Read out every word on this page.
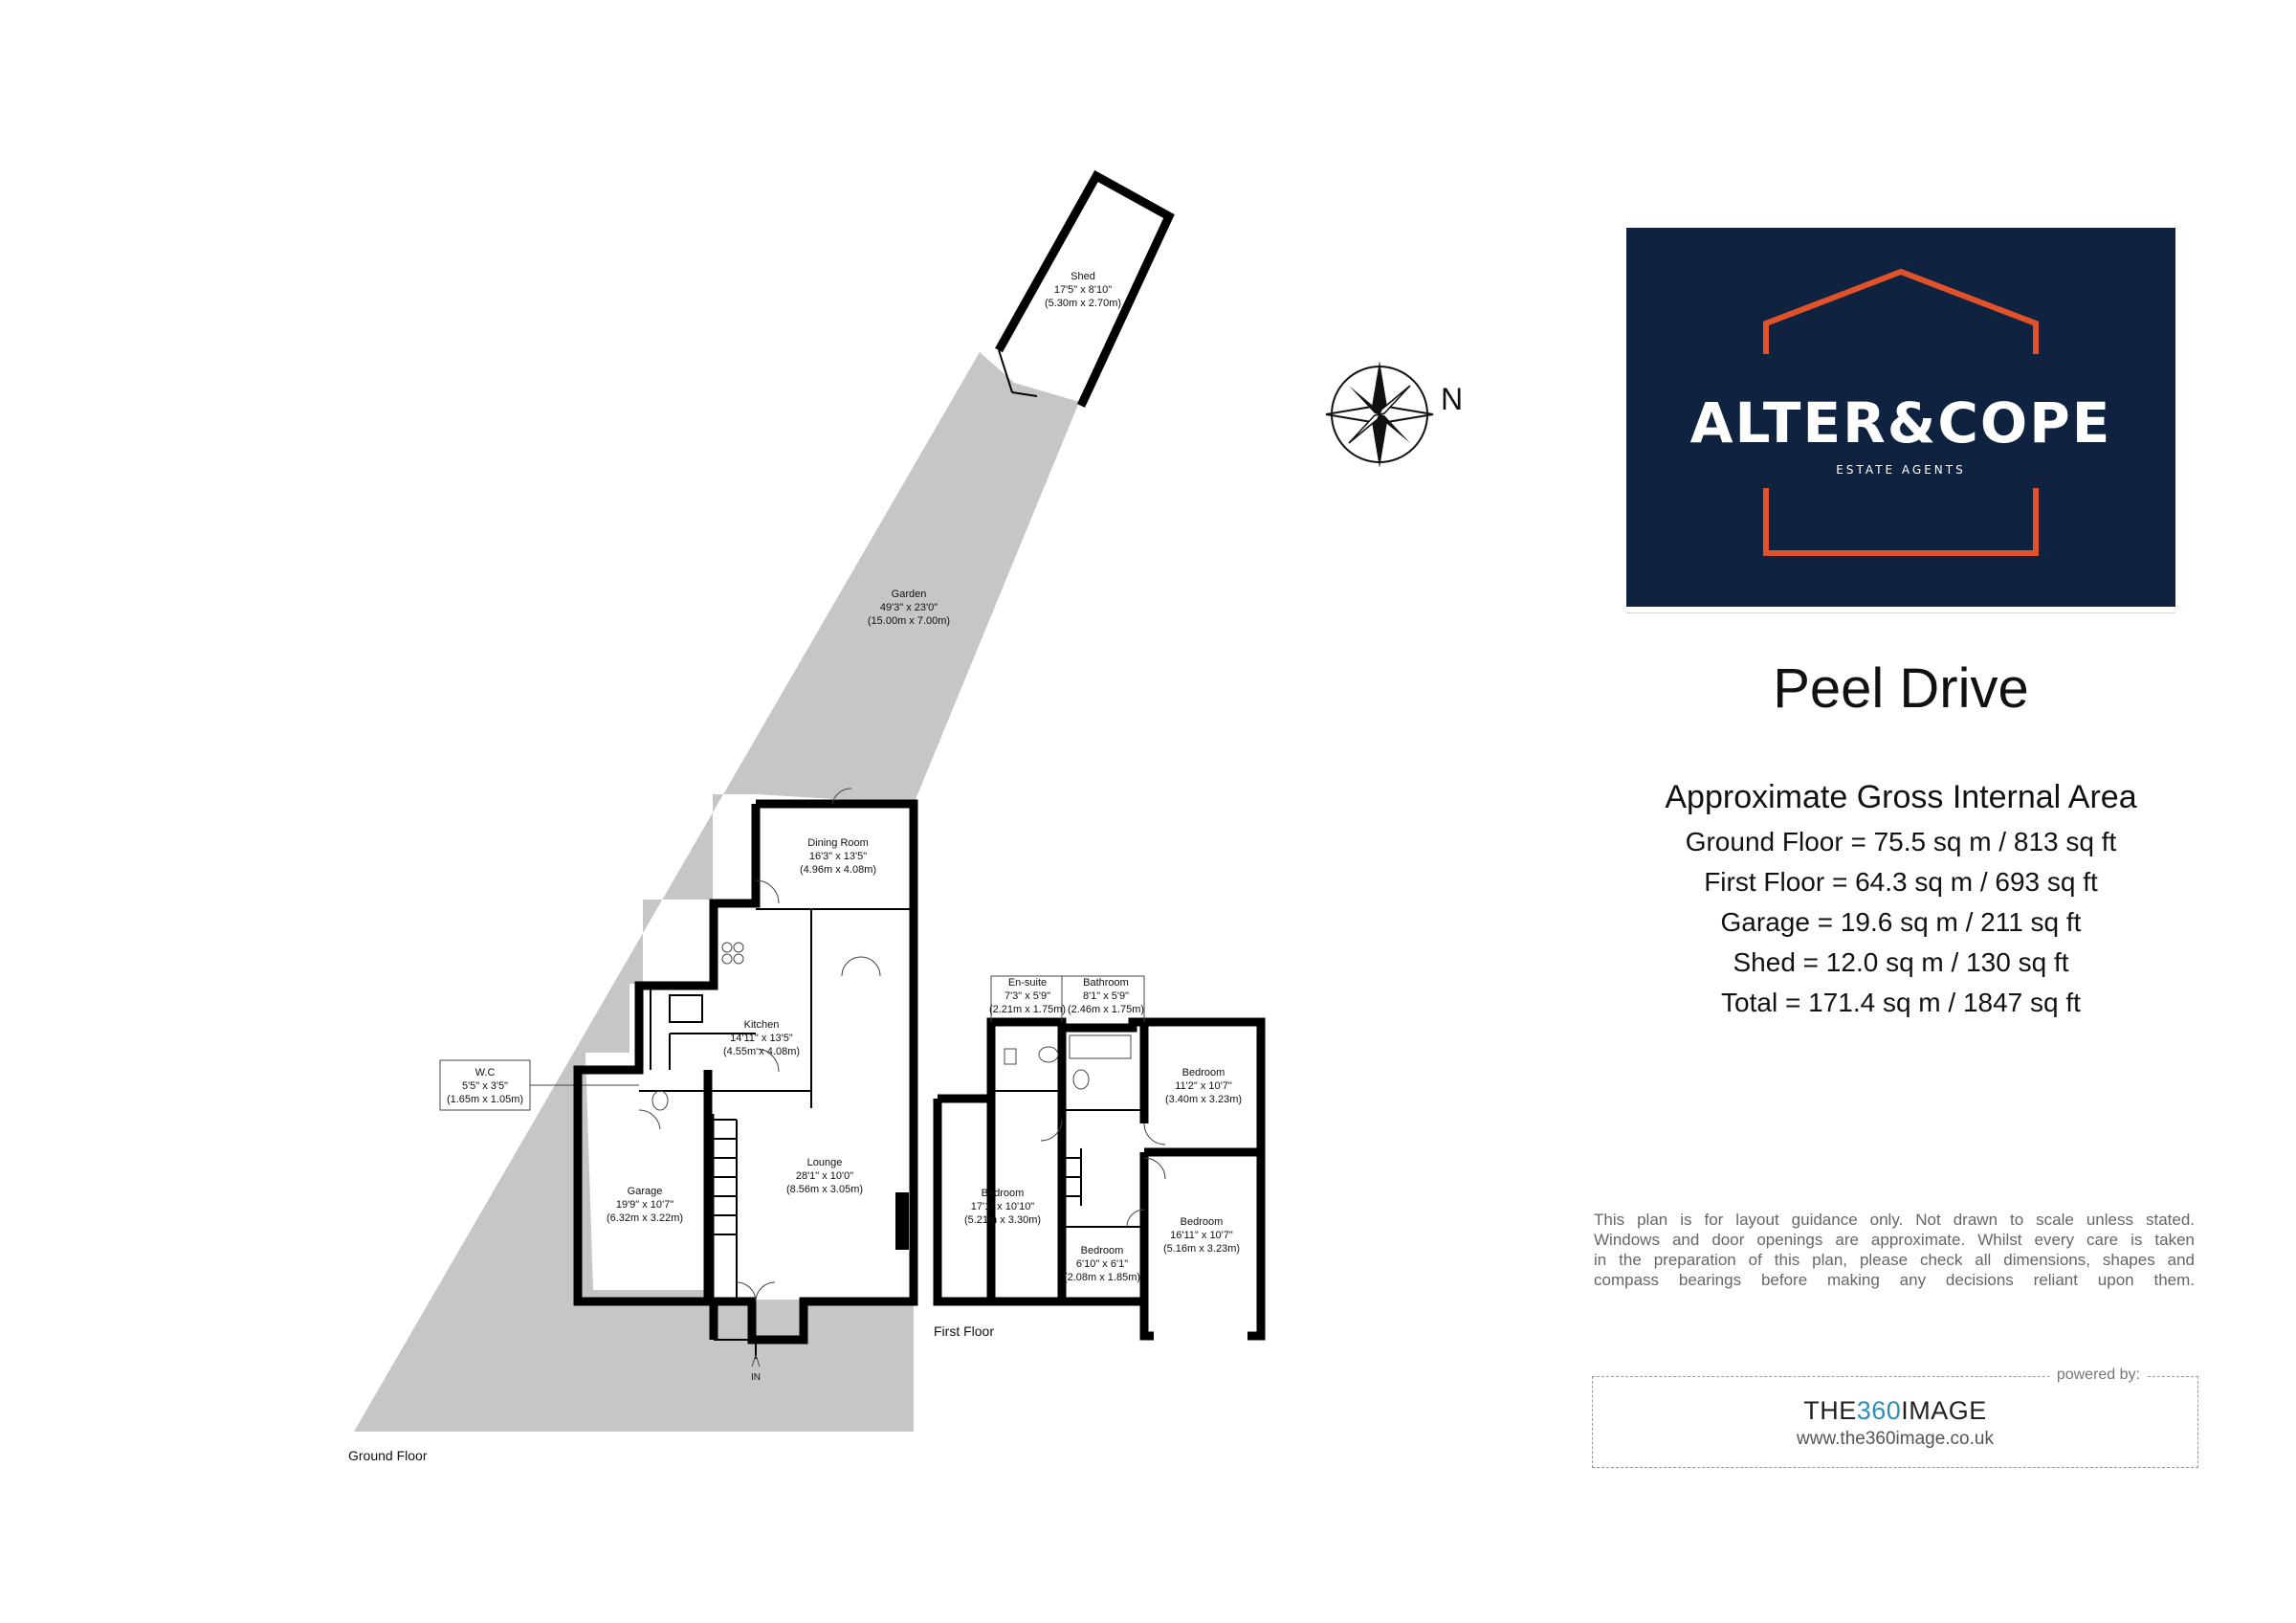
N
Shed
17'5" x 8'10"
(5.30m x 2.70m)
Garden
49'3" x 23'0"
(15.00m x 7.00m)
Dining Room
16'3" x 13'5"
(4.96m x 4.08m)
Kitchen
14'11" x 13'5"
(4.55m x 4.08m)
W.C
5'5" x 3'5"
(1.65m x 1.05m)
Garage
19'9" x 10'7"
(6.32m x 3.22m)
Lounge
28'1" x 10'0"
(8.56m x 3.05m)
En-suite
7'3" x 5'9"
(2.21m x 1.75m)
Bathroom
8'1" x 5'9"
(2.46m x 1.75m)
Bedroom
11'2" x 10'7"
(3.40m x 3.23m)
Bedroom
17'1" x 10'10"
(5.21m x 3.30m)
Bedroom
6'10" x 6'1"
(2.08m x 1.85m)
Bedroom
16'11" x 10'7"
(5.16m x 3.23m)
IN
Ground Floor
First Floor
ALTER&COPE
ESTATE AGENTS
Peel Drive
Approximate Gross Internal Area
Ground Floor = 75.5 sq m / 813 sq ft
First Floor = 64.3 sq m / 693 sq ft
Garage = 19.6 sq m / 211 sq ft
Shed = 12.0 sq m / 130 sq ft
Total = 171.4 sq m / 1847 sq ft
This plan is for layout guidance only. Not drawn to scale unless stated.
Windows and door openings are approximate. Whilst every care is taken
in the preparation of this plan, please check all dimensions, shapes and
compass bearings before making any decisions reliant upon them.
powered by:
THE360IMAGE
www.the360image.co.uk
